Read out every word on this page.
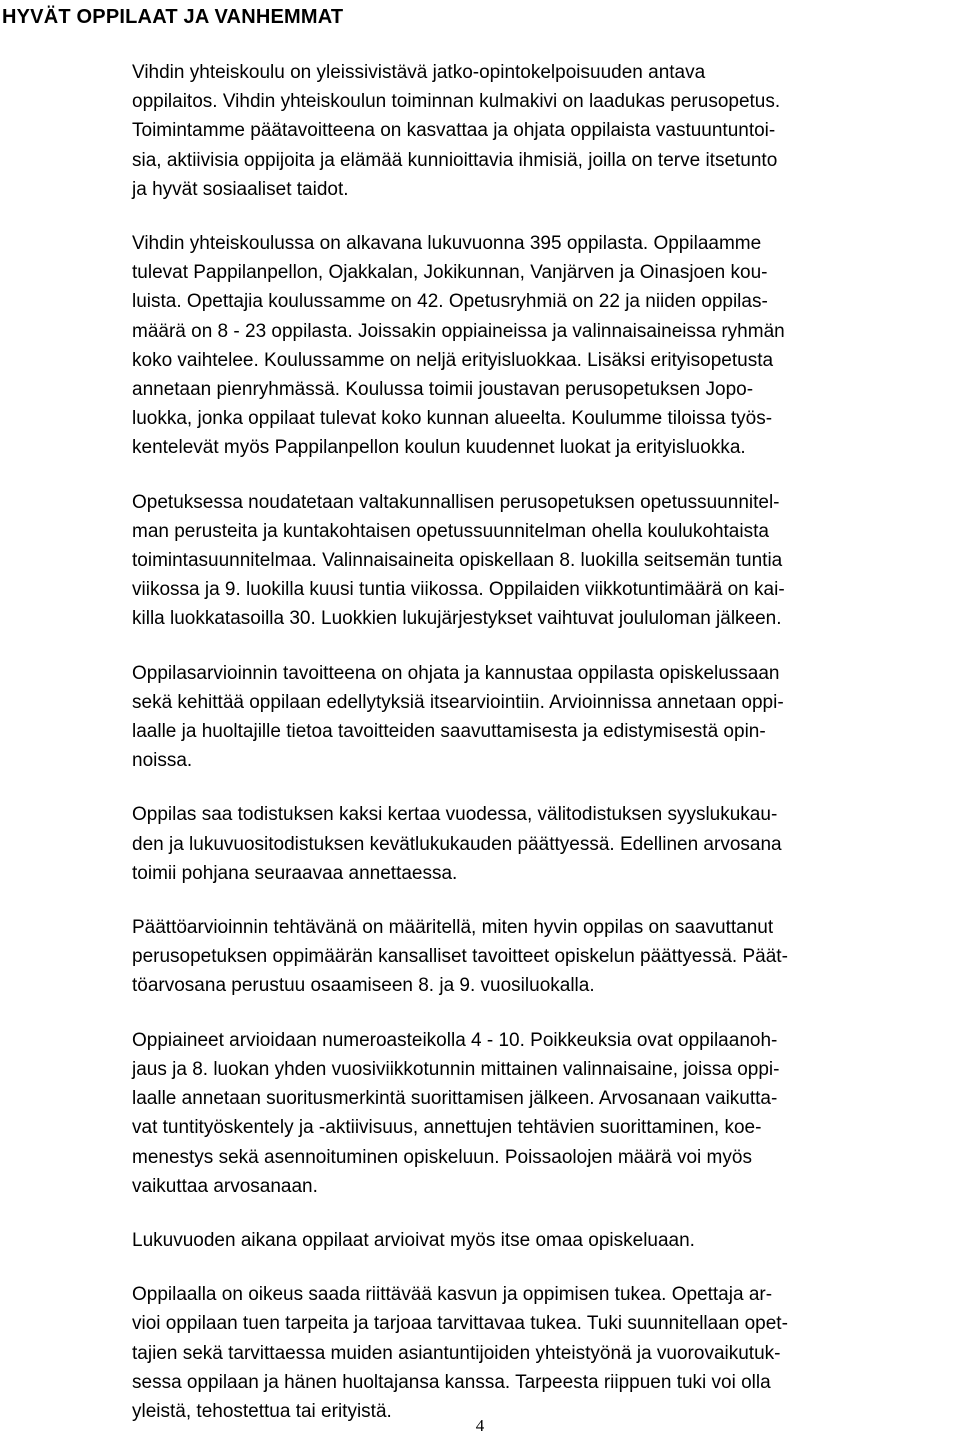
HYVÄT OPPILAAT JA VANHEMMAT

Vihdin yhteiskoulu on yleissivistävä jatko-opintokelpoisuuden antava
oppilaitos. Vihdin yhteiskoulun toiminnan kulmakivi on laadukas perusopetus.
Toimintamme päätavoitteena on kasvattaa ja ohjata oppilaista vastuuntuntoi-
sia, aktiivisia oppijoita ja elämää kunnioittavia ihmisiä, joilla on terve itsetunto
ja hyvät sosiaaliset taidot.

Vihdin yhteiskoulussa on alkavana lukuvuonna 395 oppilasta. Oppilaamme
tulevat Pappilanpellon, Ojakkalan, Jokikunnan, Vanjärven ja Oinasjoen kou-
luista. Opettajia koulussamme on 42. Opetusryhmiä on 22 ja niiden oppilas-
määrä on 8 - 23 oppilasta. Joissakin oppiaineissa ja valinnaisaineissa ryhmän
koko vaihtelee. Koulussamme on neljä erityisluokkaa. Lisäksi erityisopetusta
annetaan pienryhmässä. Koulussa toimii joustavan perusopetuksen Jopo-
luokka, jonka oppilaat tulevat koko kunnan alueelta. Koulumme tiloissa työs-
kentelevät myös Pappilanpellon koulun kuudennet luokat ja erityisluokka.

Opetuksessa noudatetaan valtakunnallisen perusopetuksen opetussuunnitel-
man perusteita ja kuntakohtaisen opetussuunnitelman ohella koulukohtaista
toimintasuunnitelmaa. Valinnaisaineita opiskellaan 8. luokilla seitsemän tuntia
viikossa ja 9. luokilla kuusi tuntia viikossa. Oppilaiden viikkotuntimäärä on kai-
killa luokkatasoilla 30. Luokkien lukujärjestykset vaihtuvat joululoman jälkeen.

Oppilasarvioinnin tavoitteena on ohjata ja kannustaa oppilasta opiskelussaan
sekä kehittää oppilaan edellytyksiä itsearviointiin. Arvioinnissa annetaan oppi-
laalle ja huoltajille tietoa tavoitteiden saavuttamisesta ja edistymisestä opin-
noissa.

Oppilas saa todistuksen kaksi kertaa vuodessa, välitodistuksen syyslukukau-
den ja lukuvuositodistuksen kevätlukukauden päättyessä. Edellinen arvosana
toimii pohjana seuraavaa annettaessa.

Päättöarvioinnin tehtävänä on määritellä, miten hyvin oppilas on saavuttanut
perusopetuksen oppimäärän kansalliset tavoitteet opiskelun päättyessä. Päät-
töarvosana perustuu osaamiseen 8. ja 9. vuosiluokalla.

Oppiaineet arvioidaan numeroasteikolla 4 - 10. Poikkeuksia ovat oppilaanoh-
jaus ja 8. luokan yhden vuosiviikkotunnin mittainen valinnaisaine, joissa oppi-
laalle annetaan suoritusmerkintä suorittamisen jälkeen. Arvosanaan vaikutta-
vat tuntityöskentely ja -aktiivisuus, annettujen tehtävien suorittaminen, koe-
menestys sekä asennoituminen opiskeluun. Poissaolojen määrä voi myös
vaikuttaa arvosanaan.

Lukuvuoden aikana oppilaat arvioivat myös itse omaa opiskeluaan.

Oppilaalla on oikeus saada riittävää kasvun ja oppimisen tukea. Opettaja ar-
vioi oppilaan tuen tarpeita ja tarjoaa tarvittavaa tukea. Tuki suunnitellaan opet-
tajien sekä tarvittaessa muiden asiantuntijoiden yhteistyönä ja vuorovaikutuk-
sessa oppilaan ja hänen huoltajansa kanssa. Tarpeesta riippuen tuki voi olla
yleistä, tehostettua tai erityistä.

4
